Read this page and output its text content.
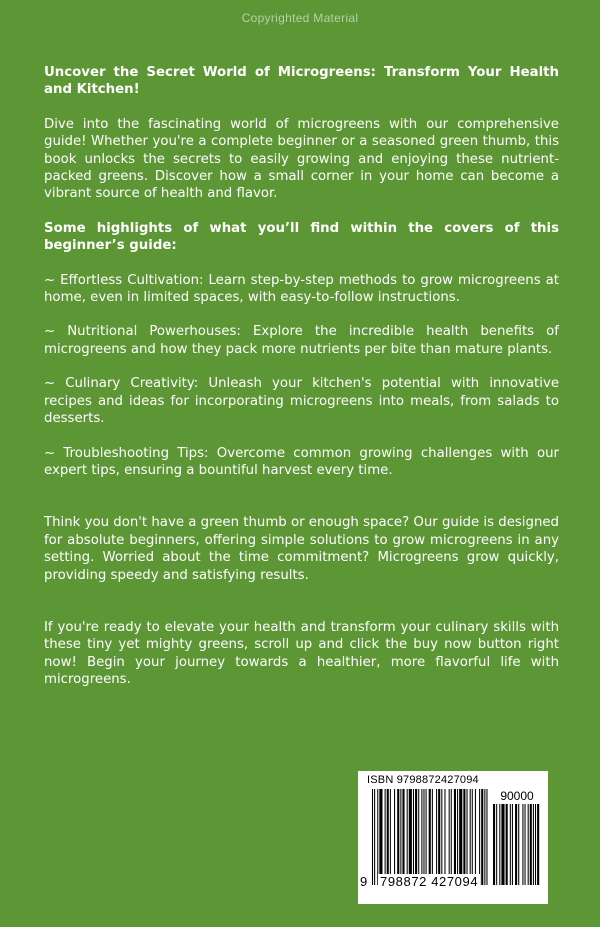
Copyrighted Material

Uncover the Secret World of Microgreens: Transform Your Health and Kitchen!

Dive into the fascinating world of microgreens with our comprehensive guide! Whether you're a complete beginner or a seasoned green thumb, this book unlocks the secrets to easily growing and enjoying these nutrient-packed greens. Discover how a small corner in your home can become a vibrant source of health and flavor.

Some highlights of what you’ll find within the covers of this beginner’s guide:

~ Effortless Cultivation: Learn step-by-step methods to grow microgreens at home, even in limited spaces, with easy-to-follow instructions.

~ Nutritional Powerhouses: Explore the incredible health benefits of microgreens and how they pack more nutrients per bite than mature plants.

~ Culinary Creativity: Unleash your kitchen's potential with innovative recipes and ideas for incorporating microgreens into meals, from salads to desserts.

~ Troubleshooting Tips: Overcome common growing challenges with our expert tips, ensuring a bountiful harvest every time.

Think you don't have a green thumb or enough space? Our guide is designed for absolute beginners, offering simple solutions to grow microgreens in any setting. Worried about the time commitment? Microgreens grow quickly, providing speedy and satisfying results.

If you're ready to elevate your health and transform your culinary skills with these tiny yet mighty greens, scroll up and click the buy now button right now! Begin your journey towards a healthier, more flavorful life with microgreens.

ISBN 9798872427094
90000
9 798872 427094
